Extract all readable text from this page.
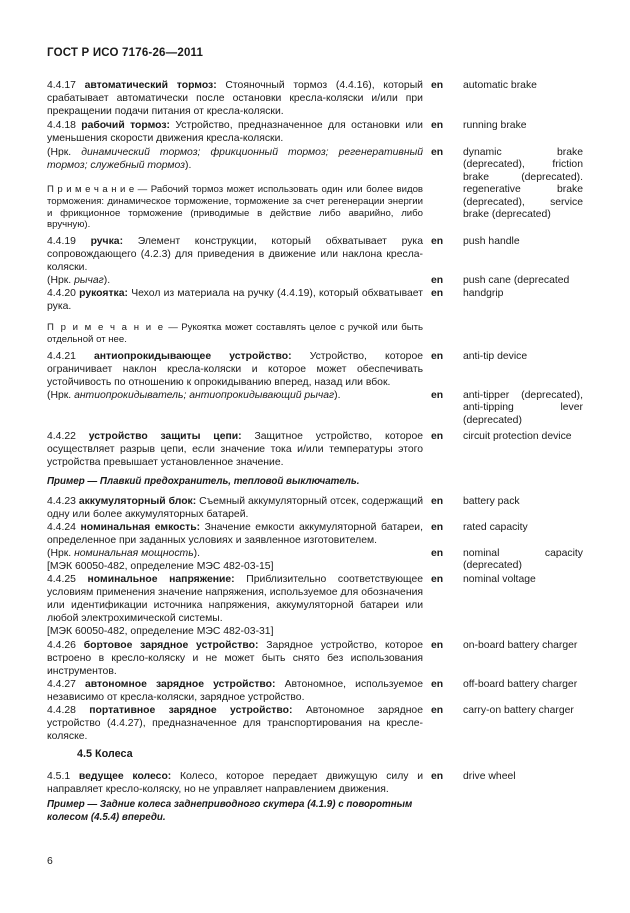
ГОСТ Р ИСО 7176-26—2011
4.4.17 автоматический тормоз: Стояночный тормоз (4.4.16), который срабатывает автоматически после остановки кресла-коляски и/или при прекращении подачи питания от кресла-коляски.
en automatic brake
4.4.18 рабочий тормоз: Устройство, предназначенное для остановки или уменьшения скорости движения кресла-коляски.
en running brake
(Нрк. динамический тормоз; фрикционный тормоз; регенеративный тормоз; служебный тормоз).
en dynamic brake (deprecated), friction brake (deprecated). regenerative brake (deprecated), service brake (deprecated)
П р и м е ч а н и е — Рабочий тормоз может использовать один или более видов торможения: динамическое торможение, торможение за счет регенерации энергии и фрикционное торможение (приводимые в действие либо аварийно, либо вручную).
4.4.19 ручка: Элемент конструкции, который обхватывает рука сопровождающего (4.2.3) для приведения в движение или наклона кресла-коляски.
en push handle
(Нрк. рычаг).	en push cane (deprecated
4.4.20 рукоятка: Чехол из материала на ручку (4.4.19), который обхватывает рука.
en handgrip
П р и м е ч а н и е — Рукоятка может составлять целое с ручкой или быть отдельной от нее.
4.4.21 антиопрокидывающее устройство: Устройство, которое ограничивает наклон кресла-коляски и которое может обеспечивать устойчивость по отношению к опрокидыванию вперед, назад или вбок.
en anti-tip device
(Нрк. антиопрокидыватель; антиопрокидывающий рычаг).	en anti-tipper (deprecated), anti-tipping lever (deprecated)
4.4.22 устройство защиты цепи: Защитное устройство, которое осуществляет разрыв цепи, если значение тока и/или температуры этого устройства превышает установленное значение.
en circuit protection device
Пример — Плавкий предохранитель, тепловой выключатель.
4.4.23 аккумуляторный блок: Съемный аккумуляторный отсек, содержащий одну или более аккумуляторных батарей.
en battery pack
4.4.24 номинальная емкость: Значение емкости аккумуляторной батареи, определенное при заданных условиях и заявленное изготовителем.
en rated capacity
(Нрк. номинальная мощность).
[МЭК 60050-482, определение МЭС 482-03-15]
en nominal capacity (deprecated)
4.4.25 номинальное напряжение: Приблизительно соответствующее условиям применения значение напряжения, используемое для обозначения или идентификации источника напряжения, аккумуляторной батареи или любой электрохимической системы.
[МЭК 60050-482, определение МЭС 482-03-31]
en nominal voltage
4.4.26 бортовое зарядное устройство: Зарядное устройство, которое встроено в кресло-коляску и не может быть снято без использования инструментов.
en on-board battery charger
4.4.27 автономное зарядное устройство: Автономное, используемое независимо от кресла-коляски, зарядное устройство.
en off-board battery charger
4.4.28 портативное зарядное устройство: Автономное зарядное устройство (4.4.27), предназначенное для транспортирования на кресле-коляске.
en carry-on battery charger
4.5 Колеса
4.5.1 ведущее колесо: Колесо, которое передает движущую силу и направляет кресло-коляску, но не управляет направлением движения.
en drive wheel
Пример — Задние колеса заднеприводного скутера (4.1.9) с поворотным колесом (4.5.4) впереди.
6
